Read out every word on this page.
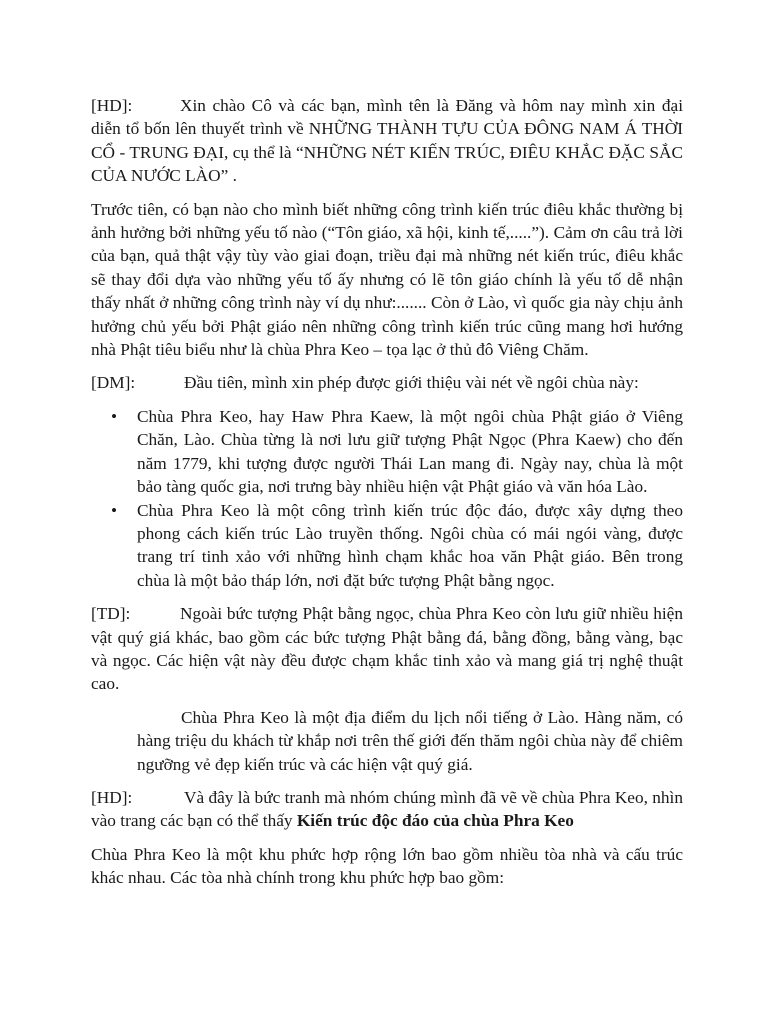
[HD]:	Xin chào Cô và các bạn, mình tên là Đăng và hôm nay mình xin đại diễn tổ bốn lên thuyết trình về NHỮNG THÀNH TỰU CỦA ĐÔNG NAM Á THỜI CỔ - TRUNG ĐẠI, cụ thể là “NHỮNG NÉT KIẾN TRÚC, ĐIÊU KHẮC ĐẶC SẮC CỦA NƯỚC LÀO” .

Trước tiên, có bạn nào cho mình biết những công trình kiến trúc điêu khắc thường bị ảnh hưởng bởi những yếu tố nào (“Tôn giáo, xã hội, kinh tế,.....”). Cảm ơn câu trả lời của bạn, quả thật vậy tùy vào giai đoạn, triều đại mà những nét kiến trúc, điêu khắc sẽ thay đổi dựa vào những yếu tố ấy nhưng có lẽ tôn giáo chính là yếu tố dễ nhận thấy nhất ở những công trình này ví dụ như:....... Còn ở Lào, vì quốc gia này chịu ảnh hưởng chủ yếu bởi Phật giáo nên những công trình kiến trúc cũng mang hơi hướng nhà Phật tiêu biểu như là chùa Phra Keo – tọa lạc ở thủ đô Viêng Chăm.

[DM]:	Đầu tiên, mình xin phép được giới thiệu vài nét về ngôi chùa này:

• Chùa Phra Keo, hay Haw Phra Kaew, là một ngôi chùa Phật giáo ở Viêng Chăn, Lào. Chùa từng là nơi lưu giữ tượng Phật Ngọc (Phra Kaew) cho đến năm 1779, khi tượng được người Thái Lan mang đi. Ngày nay, chùa là một bảo tàng quốc gia, nơi trưng bày nhiều hiện vật Phật giáo và văn hóa Lào.
• Chùa Phra Keo là một công trình kiến trúc độc đáo, được xây dựng theo phong cách kiến trúc Lào truyền thống. Ngôi chùa có mái ngói vàng, được trang trí tinh xảo với những hình chạm khắc hoa văn Phật giáo. Bên trong chùa là một bảo tháp lớn, nơi đặt bức tượng Phật bằng ngọc.

[TD]:	Ngoài bức tượng Phật bằng ngọc, chùa Phra Keo còn lưu giữ nhiều hiện vật quý giá khác, bao gồm các bức tượng Phật bằng đá, bằng đồng, bằng vàng, bạc và ngọc. Các hiện vật này đều được chạm khắc tinh xảo và mang giá trị nghệ thuật cao.

Chùa Phra Keo là một địa điểm du lịch nổi tiếng ở Lào. Hàng năm, có hàng triệu du khách từ khắp nơi trên thế giới đến thăm ngôi chùa này để chiêm ngưỡng vẻ đẹp kiến trúc và các hiện vật quý giá.

[HD]:	Và đây là bức tranh mà nhóm chúng mình đã vẽ về chùa Phra Keo, nhìn vào trang các bạn có thể thấy Kiến trúc độc đáo của chùa Phra Keo

Chùa Phra Keo là một khu phức hợp rộng lớn bao gồm nhiều tòa nhà và cấu trúc khác nhau. Các tòa nhà chính trong khu phức hợp bao gồm:
